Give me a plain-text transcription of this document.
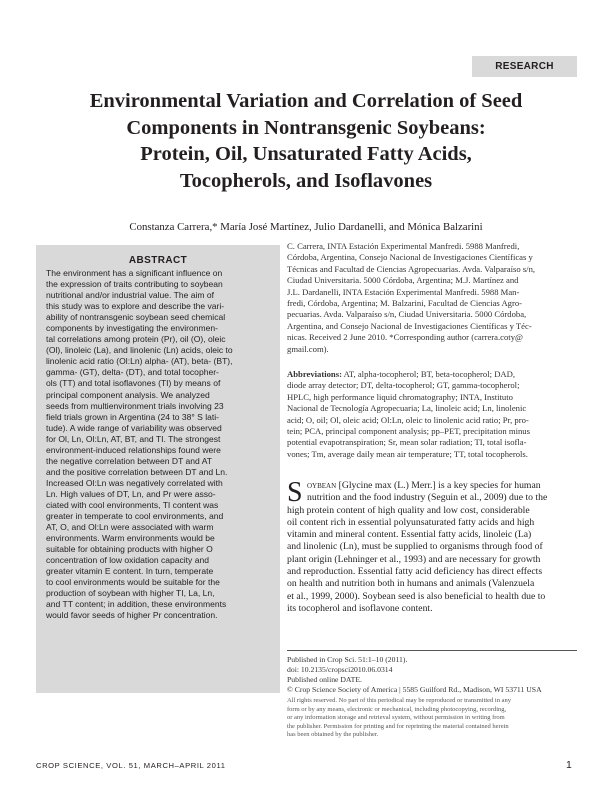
RESEARCH
Environmental Variation and Correlation of Seed
Components in Nontransgenic Soybeans:
Protein, Oil, Unsaturated Fatty Acids,
Tocopherols, and Isoflavones
Constanza Carrera,* María José Martínez, Julio Dardanelli, and Mónica Balzarini
ABSTRACT
The environment has a significant influence on
the expression of traits contributing to soybean
nutritional and/or industrial value. The aim of
this study was to explore and describe the vari-
ability of nontransgenic soybean seed chemical
components by investigating the environmen-
tal correlations among protein (Pr), oil (O), oleic
(Ol), linoleic (La), and linolenic (Ln) acids, oleic to
linolenic acid ratio (Ol:Ln) alpha- (AT), beta- (BT),
gamma- (GT), delta- (DT), and total tocopher-
ols (TT) and total isoflavones (TI) by means of
principal component analysis. We analyzed
seeds from multienvironment trials involving 23
field trials grown in Argentina (24 to 38° S lati-
tude). A wide range of variability was observed
for Ol, Ln, Ol:Ln, AT, BT, and TI. The strongest
environment-induced relationships found were
the negative correlation between DT and AT
and the positive correlation between DT and Ln.
Increased Ol:Ln was negatively correlated with
Ln. High values of DT, Ln, and Pr were asso-
ciated with cool environments, TI content was
greater in temperate to cool environments, and
AT, O, and Ol:Ln were associated with warm
environments. Warm environments would be
suitable for obtaining products with higher O
concentration of low oxidation capacity and
greater vitamin E content. In turn, temperate
to cool environments would be suitable for the
production of soybean with higher TI, La, Ln,
and TT content; in addition, these environments
would favor seeds of higher Pr concentration.
C. Carrera, INTA Estación Experimental Manfredi. 5988 Manfredi,
Córdoba, Argentina, Consejo Nacional de Investigaciones Científicas y
Técnicas and Facultad de Ciencias Agropecuarias. Avda. Valparaíso s/n,
Ciudad Universitaria. 5000 Córdoba, Argentina; M.J. Martínez and
J.L. Dardanelli, INTA Estación Experimental Manfredi. 5988 Man-
fredi, Córdoba, Argentina; M. Balzarini, Facultad de Ciencias Agro-
pecuarias. Avda. Valparaíso s/n, Ciudad Universitaria. 5000 Córdoba,
Argentina, and Consejo Nacional de Investigaciones Científicas y Téc-
nicas. Received 2 June 2010. *Corresponding author (carrera.coty@
gmail.com).
Abbreviations: AT, alpha-tocopherol; BT, beta-tocopherol; DAD,
diode array detector; DT, delta-tocopherol; GT, gamma-tocopherol;
HPLC, high performance liquid chromatography; INTA, Instituto
Nacional de Tecnología Agropecuaria; La, linoleic acid; Ln, linolenic
acid; O, oil; Ol, oleic acid; Ol:Ln, oleic to linolenic acid ratio; Pr, pro-
tein; PCA, principal component analysis; pp–PET, precipitation minus
potential evapotranspiration; Sr, mean solar radiation; TI, total isofla-
vones; Tm, average daily mean air temperature; TT, total tocopherols.
S oybean [Glycine max (L.) Merr.] is a key species for human
nutrition and the food industry (Seguin et al., 2009) due to the
high protein content of high quality and low cost, considerable
oil content rich in essential polyunsaturated fatty acids and high
vitamin and mineral content. Essential fatty acids, linoleic (La)
and linolenic (Ln), must be supplied to organisms through food of
plant origin (Lehninger et al., 1993) and are necessary for growth
and reproduction. Essential fatty acid deficiency has direct effects
on health and nutrition both in humans and animals (Valenzuela
et al., 1999, 2000). Soybean seed is also beneficial to health due to
its tocopherol and isoflavone content.
Published in Crop Sci. 51:1–10 (2011).
doi: 10.2135/cropsci2010.06.0314
Published online DATE.
© Crop Science Society of America | 5585 Guilford Rd., Madison, WI 53711 USA
All rights reserved. No part of this periodical may be reproduced or transmitted in any
form or by any means, electronic or mechanical, including photocopying, recording,
or any information storage and retrieval system, without permission in writing from
the publisher. Permission for printing and for reprinting the material contained herein
has been obtained by the publisher.
CROP SCIENCE, VOL. 51, MARCH–APRIL 2011	1
